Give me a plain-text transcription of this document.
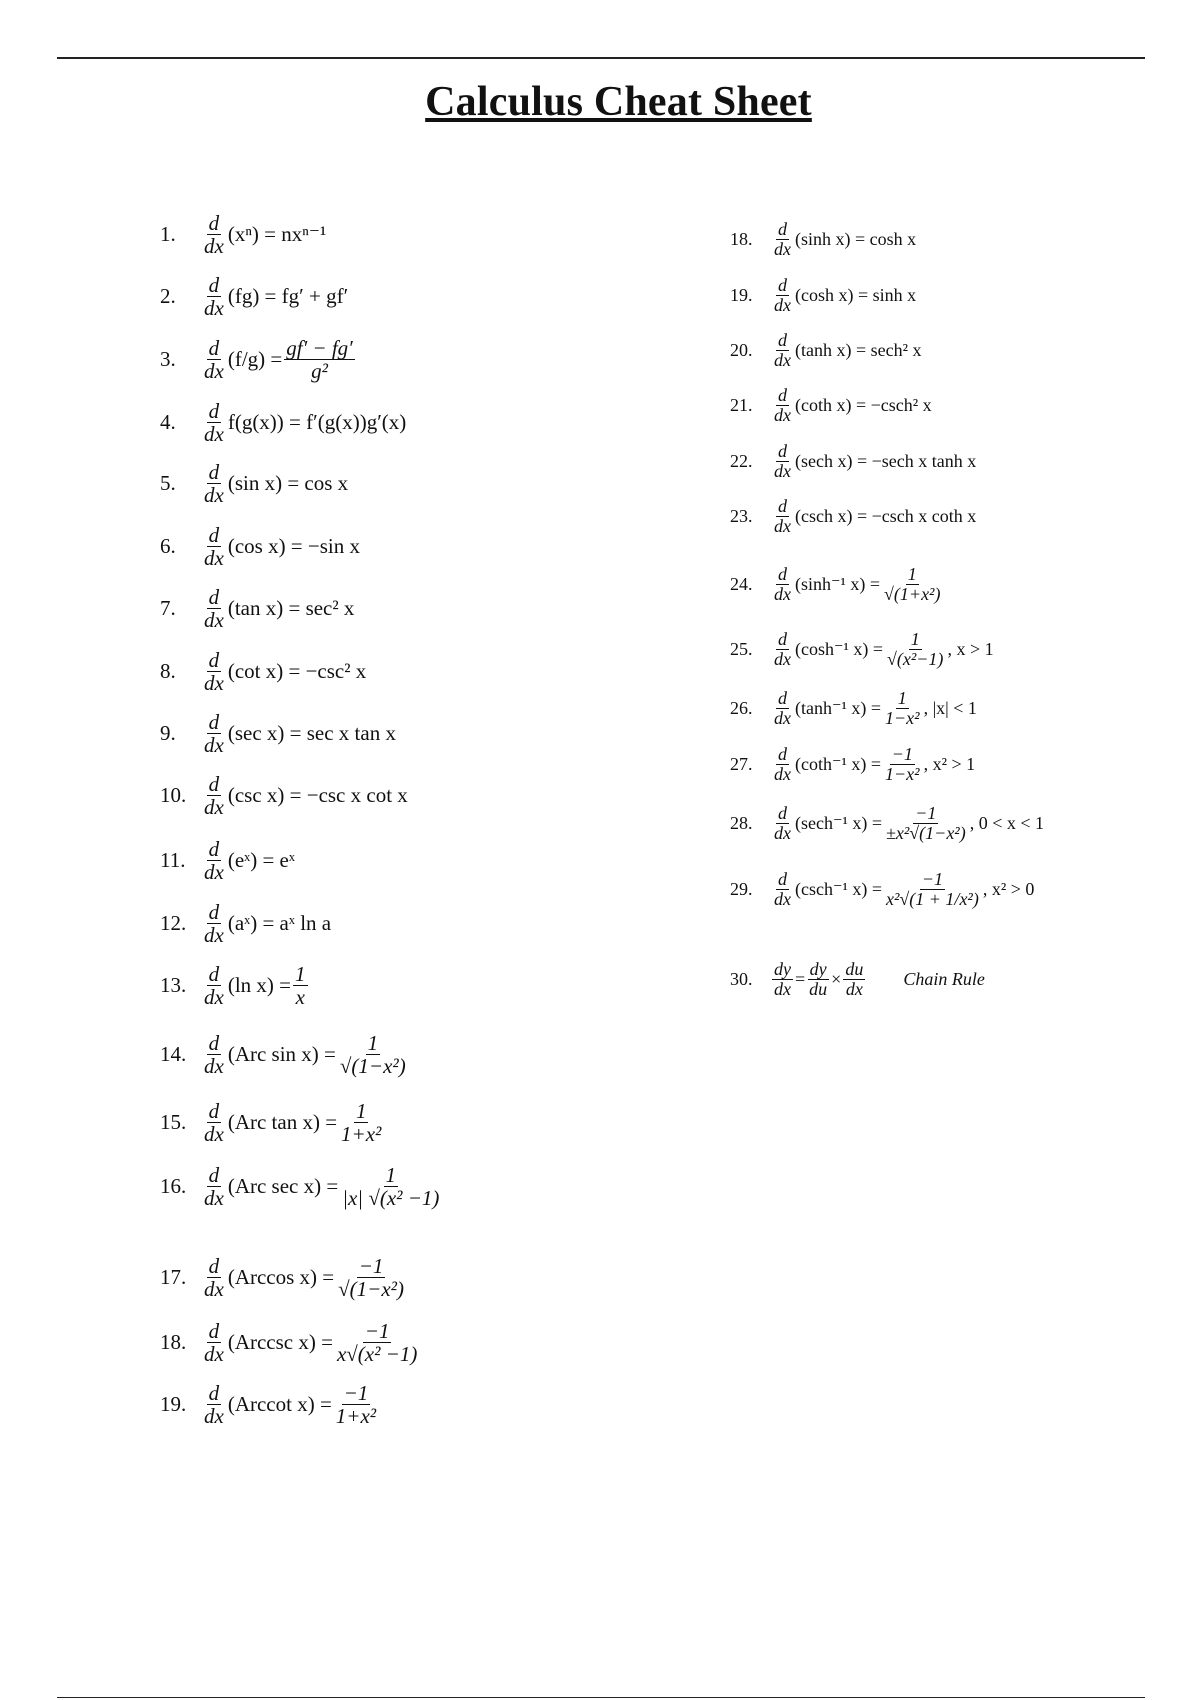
Calculus Cheat Sheet
1.	$\frac{d}{dx} (x^n) = nx^{n-1}$
2.	$\frac{d}{dx} (fg) = fg' + gf'$
3.	$\frac{d}{dx} (f/g) = \frac{gf' - fg'}{\text{g²}}$
4.	$\frac{d}{dx} f(g(x)) = f'(g(x))g'(x)$
5.	$\frac{d}{dx} (\sin$ x) = cos x
6.	$\frac{d}{dx} (\cos$ x) = −sin x
7.	$\frac{d}{dx} (\tan$ x) = sec² x
8.	$\frac{d}{dx} (\cot$ x) = −csc² x
9.	$\frac{d}{dx} (\sec$ x) = sec x tan x
10. $\frac{d}{dx} (\csc$ x) = −csc x cot x
11. $\frac{d}{dx}$ (eˣ) = eˣ
12. $\frac{d}{dx}$ (aˣ) = aˣ ln a
13. $\frac{d}{dx} (\ln$ $x) = \frac{1}{x}$
14. $\frac{d}{dx} (Arc$ $\sin x) = \frac{1}{\text{√(1−x²)}}$
15. $\frac{d}{dx} (Arc$ $\tan x) = \frac{1}{\text{1+x²}}$
16. $\frac{d}{dx} (Arc$ $\sec x) = \frac{1}{\text{|x| √(x² −1)}}$
17. $\frac{d}{dx} (Arccos$ $x) = \frac{-1}{\text{√(1−x²)}}$
18. $\frac{d}{dx} (Arccsc$ $x) = \frac{-1}{\text{x√(x² −1)}}$
19. $\frac{d}{dx} (Arccot$ $x) = \frac{-1}{\text{1+x²}}$
18.	$\frac{d}{dx} (\sinh$ x) = cosh x
19.	$\frac{d}{dx} (\cosh$ x) = sinh x
20.	$\frac{d}{dx} (\tanh$ x) = sech² x
21.	$\frac{d}{dx} (\cot h$ x) = −csch² x
22.	$\frac{d}{dx} (\sec h$ x) = −sech x tanh x
23.	$\frac{d}{dx} (\csc h$ x) = −csch x coth x
24.	$\frac{d}{dx} (\sinh^{-1}$ $x) = \frac{1}{\text{√(1+x²)}}$
25.	$\frac{d}{dx} (\cosh^{-1}$ $x) = \frac{1}{\text{√(x²−1)}}$ , x > 1
26.	$\frac{d}{dx} (\tanh^{-1}$ $x) = \frac{1}{\text{1−x²}}$ , |x| < 1
27.	$\frac{d}{dx} (\cot h^{-1}$ $x) = \frac{-1}{\text{1−x²}}$ , x² > 1
28.	$\frac{d}{dx} (\sec h^{-1}$ $x) = \frac{-1}{\text{±x²√(1−x²)}}$ , 0 < x < 1
29.	$\frac{d}{dx} (\csc h^{-1}$ $x) = \frac{-1}{\text{x²√(1 + 1/x²)}}$ , x² > 0
30.	$\frac{dy}{dx} = \frac{dy}{du} \times \frac{du}{dx}$ Chain Rule
